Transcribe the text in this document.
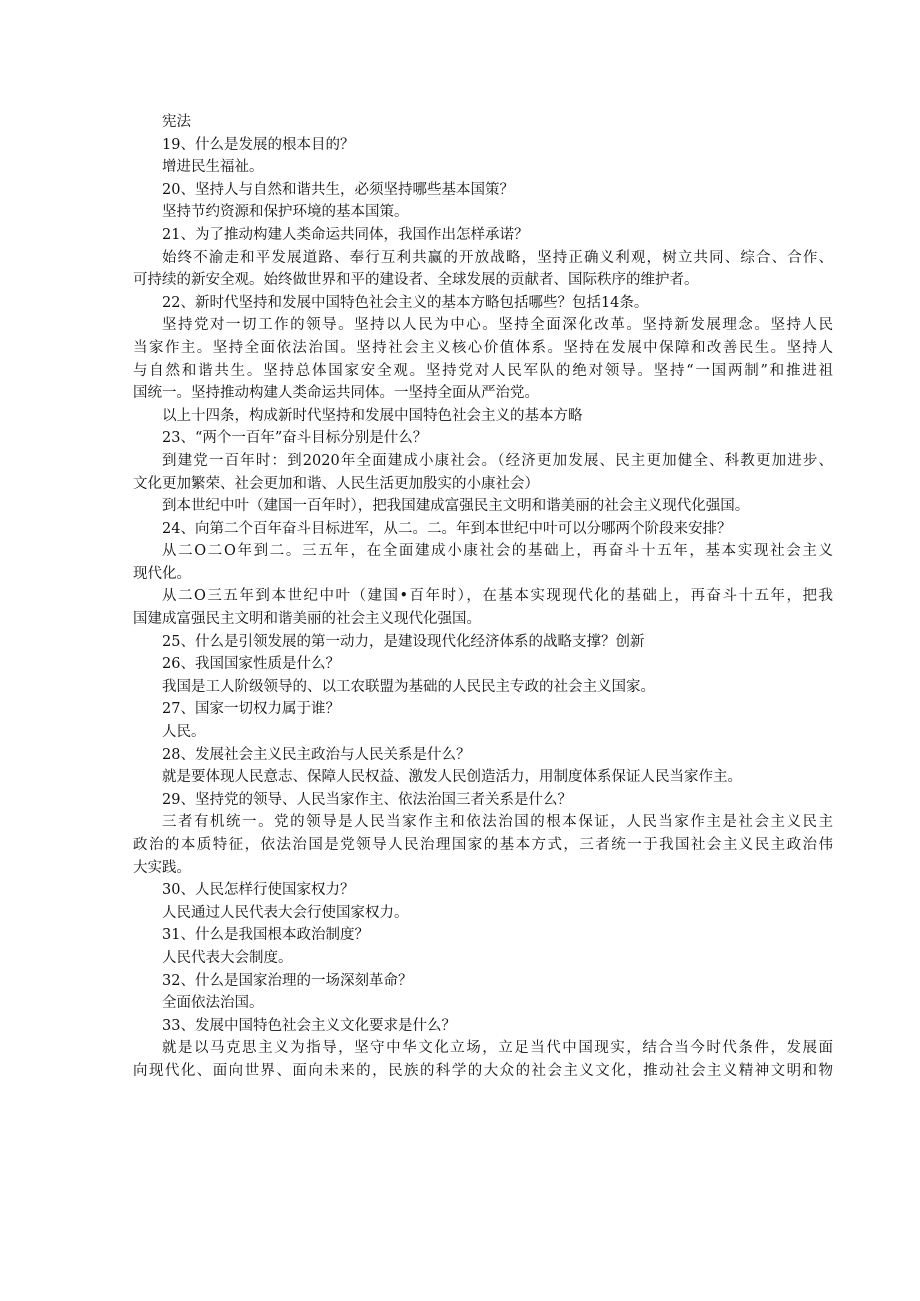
宪法
19、什么是发展的根本目的？
增进民生福祉。
20、坚持人与自然和谐共生，必须坚持哪些基本国策？
坚持节约资源和保护环境的基本国策。
21、为了推动构建人类命运共同体，我国作出怎样承诺？
始终不渝走和平发展道路、奉行互利共赢的开放战略，坚持正确义利观，树立共同、综合、合作、
可持续的新安全观。始终做世界和平的建设者、全球发展的贡献者、国际秩序的维护者。
22、新时代坚持和发展中国特色社会主义的基本方略包括哪些？包括14条。
坚持党对一切工作的领导。坚持以人民为中心。坚持全面深化改革。坚持新发展理念。坚持人民
当家作主。坚持全面依法治国。坚持社会主义核心价值体系。坚持在发展中保障和改善民生。坚持人
与自然和谐共生。坚持总体国家安全观。坚持党对人民军队的绝对领导。坚持“一国两制”和推进祖
国统一。坚持推动构建人类命运共同体。一坚持全面从严治党。
以上十四条，构成新时代坚持和发展中国特色社会主义的基本方略
23、“两个一百年”奋斗目标分别是什么？
到建党一百年时：到2020年全面建成小康社会。（经济更加发展、民主更加健全、科教更加进步、
文化更加繁荣、社会更加和谐、人民生活更加殷实的小康社会）
到本世纪中叶（建国一百年时），把我国建成富强民主文明和谐美丽的社会主义现代化强国。
24、向第二个百年奋斗目标进军，从二。二。年到本世纪中叶可以分哪两个阶段来安排？
从二O二O年到二。三五年，在全面建成小康社会的基础上，再奋斗十五年，基本实现社会主义
现代化。
从二O三五年到本世纪中叶（建国•百年时），在基本实现现代化的基础上，再奋斗十五年，把我
国建成富强民主文明和谐美丽的社会主义现代化强国。
25、什么是引领发展的第一动力，是建设现代化经济体系的战略支撑？创新
26、我国国家性质是什么？
我国是工人阶级领导的、以工农联盟为基础的人民民主专政的社会主义国家。
27、国家一切权力属于谁？
人民。
28、发展社会主义民主政治与人民关系是什么？
就是要体现人民意志、保障人民权益、激发人民创造活力，用制度体系保证人民当家作主。
29、坚持党的领导、人民当家作主、依法治国三者关系是什么？
三者有机统一。党的领导是人民当家作主和依法治国的根本保证，人民当家作主是社会主义民主
政治的本质特征，依法治国是党领导人民治理国家的基本方式，三者统一于我国社会主义民主政治伟
大实践。
30、人民怎样行使国家权力？
人民通过人民代表大会行使国家权力。
31、什么是我国根本政治制度？
人民代表大会制度。
32、什么是国家治理的一场深刻革命？
全面依法治国。
33、发展中国特色社会主义文化要求是什么？
就是以马克思主义为指导，坚守中华文化立场，立足当代中国现实，结合当今时代条件，发展面
向现代化、面向世界、面向未来的，民族的科学的大众的社会主义文化，推动社会主义精神文明和物
